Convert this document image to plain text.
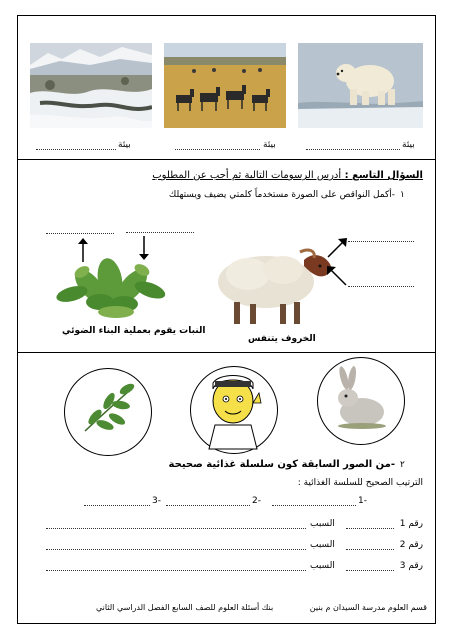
بيئة	بيئة	بيئة
السؤال التاسع : أدرس الرسومات التالية ثم أجب عن المطلوب
١
-أكمل النواقص على الصورة مستخدماً كلمتي يضيف ويستهلك
النبات يقوم بعملية البناء الضوئي
الخروف يتنفس
٢
-من الصور السابقة كون سلسلة غذائية صحيحة
الترتيب الصحيح للسلسة الغذائية :
1-
2-
3-
رقم 1
السبب
رقم 2
السبب
رقم 3
السبب
قسم العلوم مدرسة السيدان م بنين
بنك أسئلة العلوم للصف السابع الفصل الدراسي الثاني
